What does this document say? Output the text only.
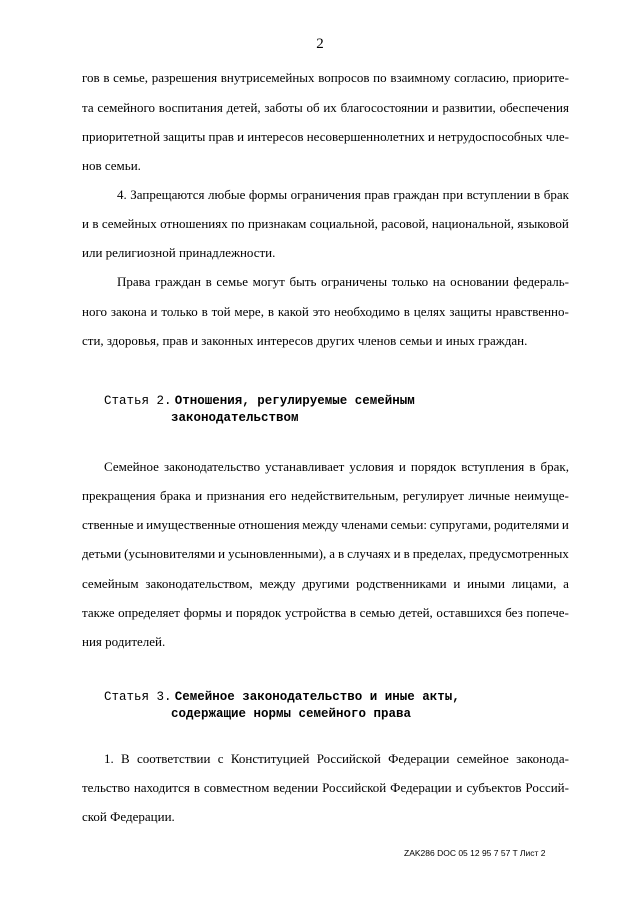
2
гов в семье, разрешения внутрисемейных вопросов по взаимному согласию, приорите-
та семейного воспитания детей, заботы об их благосостоянии и развитии, обеспечения
приоритетной защиты прав и интересов несовершеннолетних и нетрудоспособных чле-
нов семьи.
4. Запрещаются любые формы ограничения прав граждан при вступлении в брак
и в семейных отношениях по признакам социальной, расовой, национальной, языковой
или религиозной принадлежности.
Права граждан в семье могут быть ограничены только на основании федераль-
ного закона и только в той мере, в какой это необходимо в целях защиты нравственно-
сти, здоровья, прав и законных интересов других членов семьи и иных граждан.
Статья 2. Отношения, регулируемые семейным
законодательством
Семейное законодательство устанавливает условия и порядок вступления в брак,
прекращения брака и признания его недействительным, регулирует личные неимуще-
ственные и имущественные отношения между членами семьи: супругами, родителями и
детьми (усыновителями и усыновленными), а в случаях и в пределах, предусмотренных
семейным законодательством, между другими родственниками и иными лицами, а
также определяет формы и порядок устройства в семью детей, оставшихся без попече-
ния родителей.
Статья 3. Семейное законодательство и иные акты,
содержащие нормы семейного права
1. В соответствии с Конституцией Российской Федерации семейное законода-
тельство находится в совместном ведении Российской Федерации и субъектов Россий-
ской Федерации.
ZAK286 DOC 05 12 95 7 57 T Лист 2
